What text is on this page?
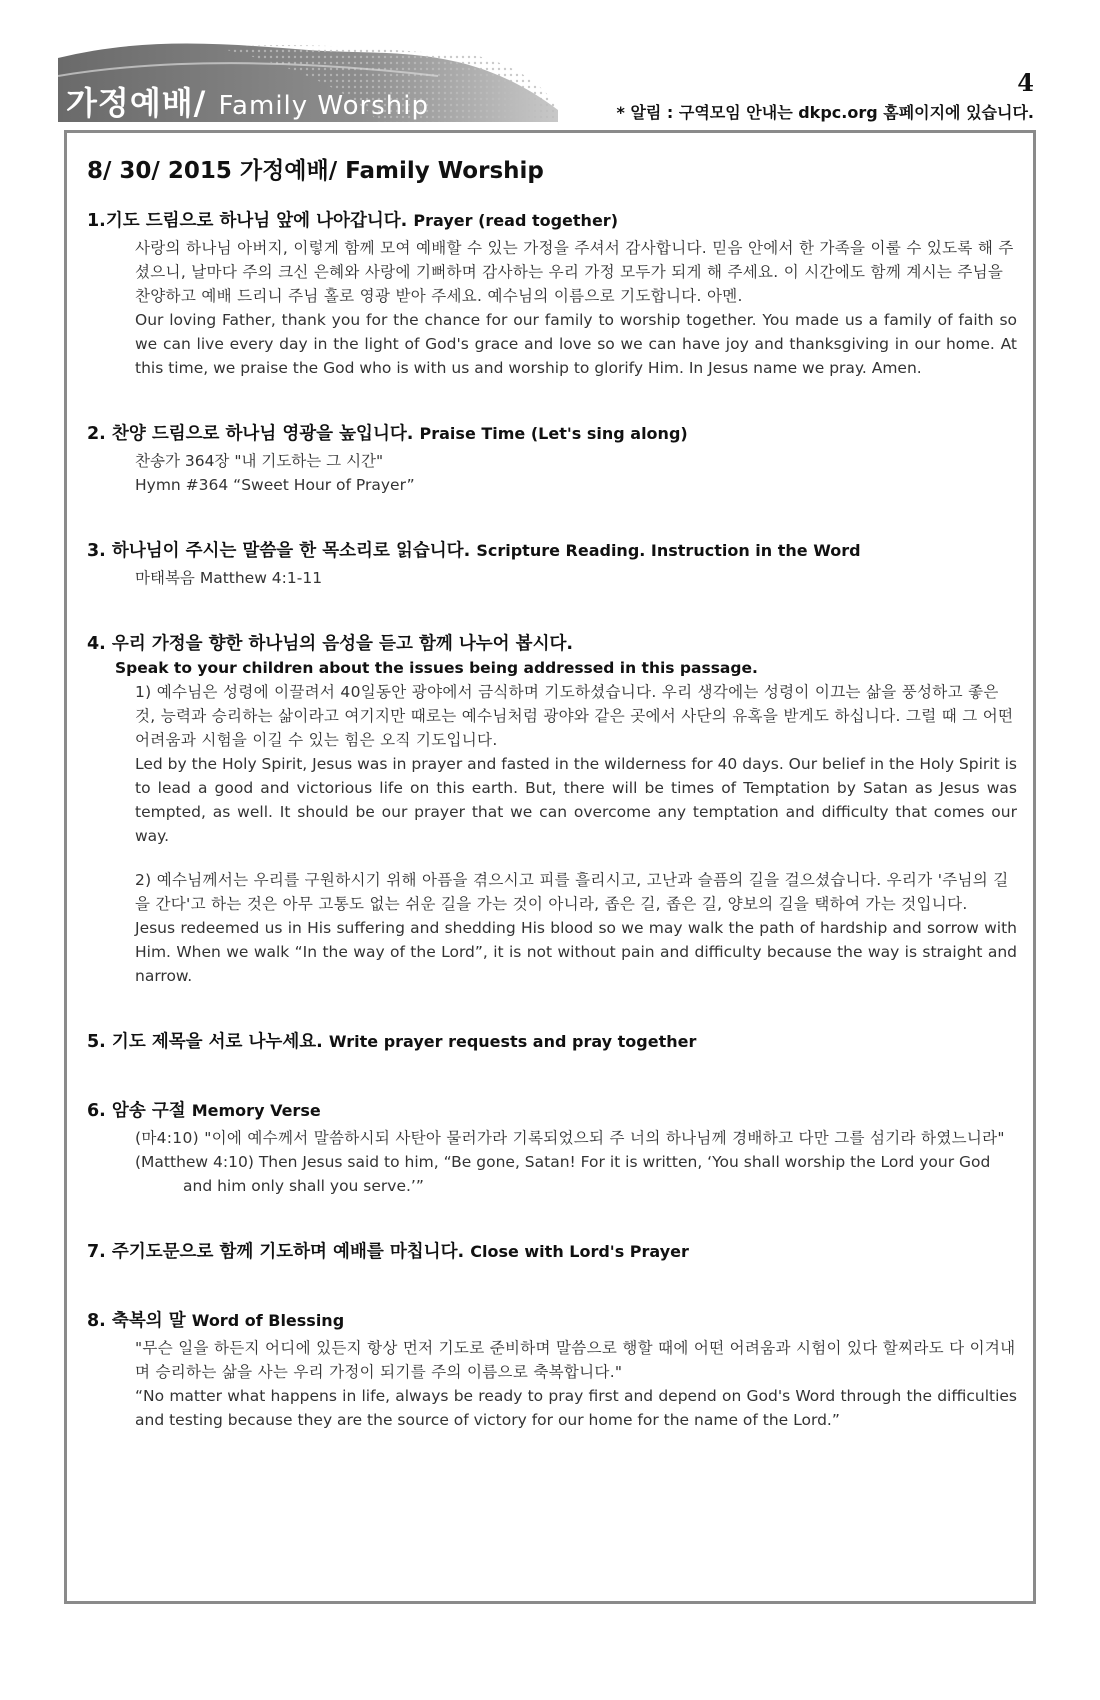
가정예배/ Family Worship
4
* 알림 : 구역모임 안내는 dkpc.org 홈페이지에 있습니다.
8/ 30/ 2015 가정예배/ Family Worship
1.기도 드림으로 하나님 앞에 나아갑니다. Prayer (read together)

사랑의 하나님 아버지, 이렇게 함께 모여 예배할 수 있는 가정을 주셔서 감사합니다. 믿음 안에서 한 가족을 이룰 수 있도록 해 주셨으니, 날마다 주의 크신 은혜와 사랑에 기뻐하며 감사하는 우리 가정 모두가 되게 해 주세요. 이 시간에도 함께 계시는 주님을 찬양하고 예배 드리니 주님 홀로 영광 받아 주세요. 예수님의 이름으로 기도합니다. 아멘.

Our loving Father, thank you for the chance for our family to worship together. You made us a family of faith so we can live every day in the light of God's grace and love so we can have joy and thanksgiving in our home. At this time, we praise the God who is with us and worship to glorify Him. In Jesus name we pray. Amen.

2. 찬양 드림으로 하나님 영광을 높입니다. Praise Time (Let's sing along)

찬송가 364장 "내 기도하는 그 시간"

Hymn #364 “Sweet Hour of Prayer”

3. 하나님이 주시는 말씀을 한 목소리로 읽습니다. Scripture Reading. Instruction in the Word

마태복음 Matthew 4:1-11

4. 우리 가정을 향한 하나님의 음성을 듣고 함께 나누어 봅시다.
Speak to your children about the issues being addressed in this passage.

1) 예수님은 성령에 이끌려서 40일동안 광야에서 금식하며 기도하셨습니다. 우리 생각에는 성령이 이끄는 삶을 풍성하고 좋은 것, 능력과 승리하는 삶이라고 여기지만 때로는 예수님처럼 광야와 같은 곳에서 사단의 유혹을 받게도 하십니다. 그럴 때 그 어떤 어려움과 시험을 이길 수 있는 힘은 오직 기도입니다.

Led by the Holy Spirit, Jesus was in prayer and fasted in the wilderness for 40 days. Our belief in the Holy Spirit is to lead a good and victorious life on this earth. But, there will be times of Temptation by Satan as Jesus was tempted, as well. It should be our prayer that we can overcome any temptation and difficulty that comes our way.

2) 예수님께서는 우리를 구원하시기 위해 아픔을 겪으시고 피를 흘리시고, 고난과 슬픔의 길을 걸으셨습니다. 우리가 '주님의 길을 간다'고 하는 것은 아무 고통도 없는 쉬운 길을 가는 것이 아니라, 좁은 길, 좁은 길, 양보의 길을 택하여 가는 것입니다.

Jesus redeemed us in His suffering and shedding His blood so we may walk the path of hardship and sorrow with Him. When we walk “In the way of the Lord”, it is not without pain and difficulty because the way is straight and narrow.

5. 기도 제목을 서로 나누세요. Write prayer requests and pray together
6. 암송 구절 Memory Verse

(마4:10) "이에 예수께서 말씀하시되 사탄아 물러가라 기록되었으되 주 너의 하나님께 경배하고 다만 그를 섬기라 하였느니라"

(Matthew 4:10) Then Jesus said to him, “Be gone, Satan! For it is written, ‘You shall worship the Lord your God and him only shall you serve.’”

7. 주기도문으로 함께 기도하며 예배를 마칩니다. Close with Lord's Prayer
8. 축복의 말 Word of Blessing

"무슨 일을 하든지 어디에 있든지 항상 먼저 기도로 준비하며 말씀으로 행할 때에 어떤 어려움과 시험이 있다 할찌라도 다 이겨내며 승리하는 삶을 사는 우리 가정이 되기를 주의 이름으로 축복합니다."

“No matter what happens in life, always be ready to pray first and depend on God's Word through the difficulties and testing because they are the source of victory for our home for the name of the Lord.”
